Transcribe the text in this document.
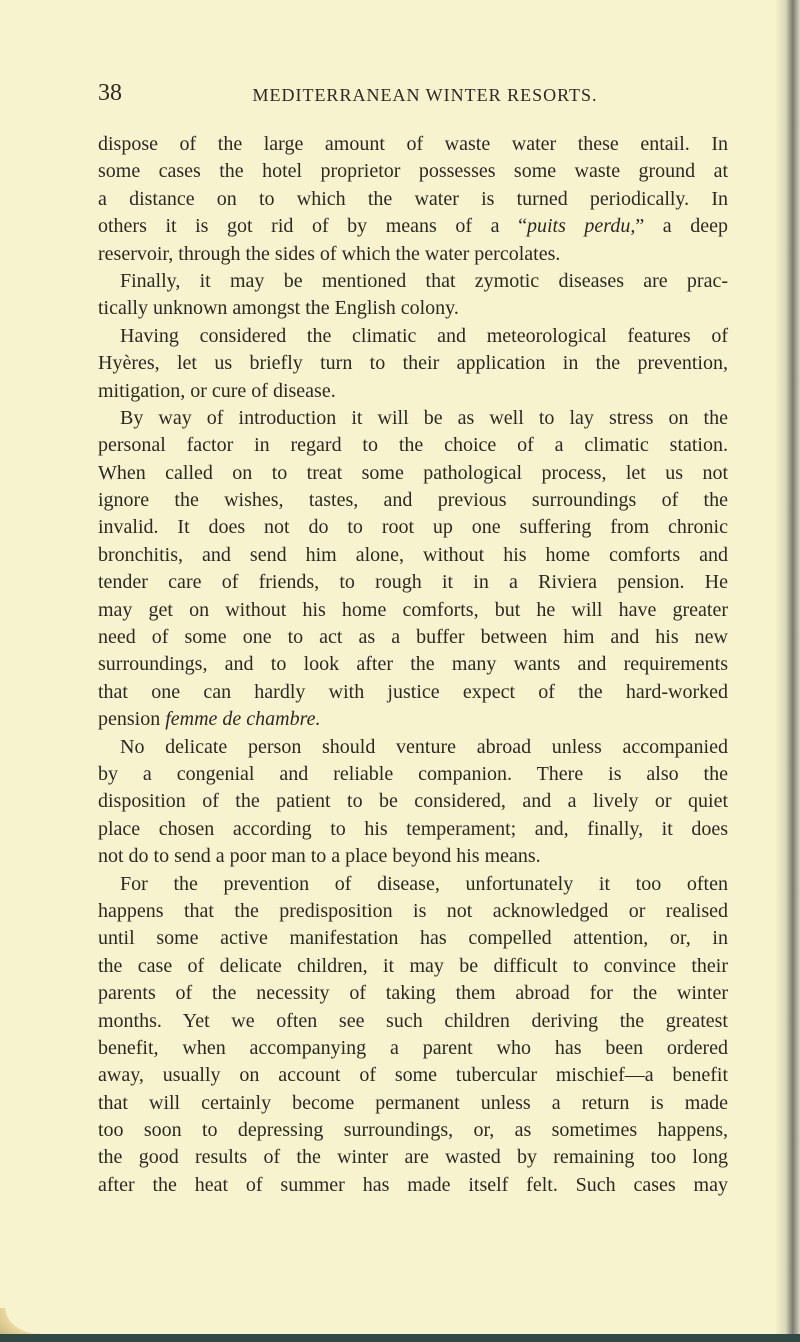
38	MEDITERRANEAN WINTER RESORTS.
dispose of the large amount of waste water these entail. In
some cases the hotel proprietor possesses some waste ground at
a distance on to which the water is turned periodically. In
others it is got rid of by means of a “puits perdu,” a deep
reservoir, through the sides of which the water percolates.
Finally, it may be mentioned that zymotic diseases are prac-
tically unknown amongst the English colony.
Having considered the climatic and meteorological features of
Hyères, let us briefly turn to their application in the prevention,
mitigation, or cure of disease.
By way of introduction it will be as well to lay stress on the
personal factor in regard to the choice of a climatic station.
When called on to treat some pathological process, let us not
ignore the wishes, tastes, and previous surroundings of the
invalid. It does not do to root up one suffering from chronic
bronchitis, and send him alone, without his home comforts and
tender care of friends, to rough it in a Riviera pension. He
may get on without his home comforts, but he will have greater
need of some one to act as a buffer between him and his new
surroundings, and to look after the many wants and requirements
that one can hardly with justice expect of the hard-worked
pension femme de chambre.
No delicate person should venture abroad unless accompanied
by a congenial and reliable companion. There is also the
disposition of the patient to be considered, and a lively or quiet
place chosen according to his temperament; and, finally, it does
not do to send a poor man to a place beyond his means.
For the prevention of disease, unfortunately it too often
happens that the predisposition is not acknowledged or realised
until some active manifestation has compelled attention, or, in
the case of delicate children, it may be difficult to convince their
parents of the necessity of taking them abroad for the winter
months. Yet we often see such children deriving the greatest
benefit, when accompanying a parent who has been ordered
away, usually on account of some tubercular mischief—a benefit
that will certainly become permanent unless a return is made
too soon to depressing surroundings, or, as sometimes happens,
the good results of the winter are wasted by remaining too long
after the heat of summer has made itself felt. Such cases may
